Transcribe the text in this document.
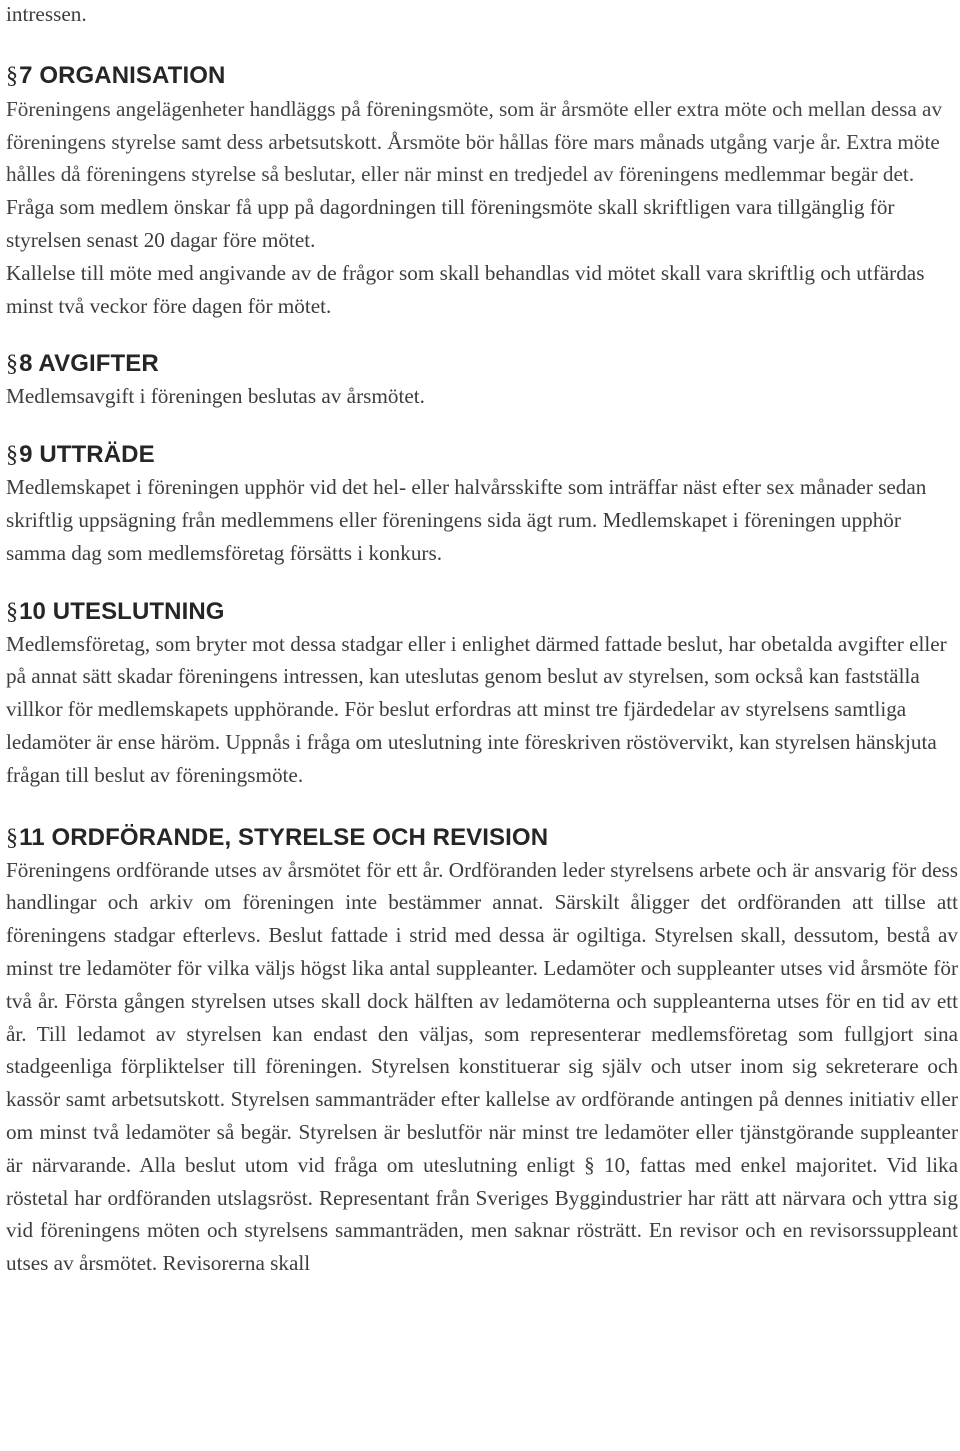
intressen.

§7 ORGANISATION

Föreningens angelägenheter handläggs på föreningsmöte, som är årsmöte eller extra möte och mellan dessa av föreningens styrelse samt dess arbetsutskott. Årsmöte bör hållas före mars månads utgång varje år. Extra möte hålles då föreningens styrelse så beslutar, eller när minst en tredjedel av föreningens medlemmar begär det.

Fråga som medlem önskar få upp på dagordningen till föreningsmöte skall skriftligen vara tillgänglig för styrelsen senast 20 dagar före mötet.

Kallelse till möte med angivande av de frågor som skall behandlas vid mötet skall vara skriftlig och utfärdas minst två veckor före dagen för mötet.

§8 AVGIFTER

Medlemsavgift i föreningen beslutas av årsmötet.

§9 UTTRÄDE

Medlemskapet i föreningen upphör vid det hel- eller halvårsskifte som inträffar näst efter sex månader sedan skriftlig uppsägning från medlemmens eller föreningens sida ägt rum. Medlemskapet i föreningen upphör samma dag som medlemsföretag försätts i konkurs.

§10 UTESLUTNING

Medlemsföretag, som bryter mot dessa stadgar eller i enlighet därmed fattade beslut, har obetalda avgifter eller på annat sätt skadar föreningens intressen, kan uteslutas genom beslut av styrelsen, som också kan fastställa villkor för medlemskapets upphörande. För beslut erfordras att minst tre fjärdedelar av styrelsens samtliga ledamöter är ense häröm. Uppnås i fråga om uteslutning inte föreskriven röstövervikt, kan styrelsen hänskjuta frågan till beslut av föreningsmöte.

§11 ORDFÖRANDE, STYRELSE OCH REVISION

Föreningens ordförande utses av årsmötet för ett år. Ordföranden leder styrelsens arbete och är ansvarig för dess handlingar och arkiv om föreningen inte bestämmer annat. Särskilt åligger det ordföranden att tillse att föreningens stadgar efterlevs. Beslut fattade i strid med dessa är ogiltiga. Styrelsen skall, dessutom, bestå av minst tre ledamöter för vilka väljs högst lika antal suppleanter. Ledamöter och suppleanter utses vid årsmöte för två år. Första gången styrelsen utses skall dock hälften av ledamöterna och suppleanterna utses för en tid av ett år. Till ledamot av styrelsen kan endast den väljas, som representerar medlemsföretag som fullgjort sina stadgeenliga förpliktelser till föreningen. Styrelsen konstituerar sig själv och utser inom sig sekreterare och kassör samt arbetsutskott. Styrelsen sammanträder efter kallelse av ordförande antingen på dennes initiativ eller om minst två ledamöter så begär. Styrelsen är beslutför när minst tre ledamöter eller tjänstgörande suppleanter är närvarande. Alla beslut utom vid fråga om uteslutning enligt § 10, fattas med enkel majoritet. Vid lika röstetal har ordföranden utslagsröst. Representant från Sveriges Byggindustrier har rätt att närvara och yttra sig vid föreningens möten och styrelsens sammanträden, men saknar rösträtt. En revisor och en revisorssuppleant utses av årsmötet. Revisorerna skall
